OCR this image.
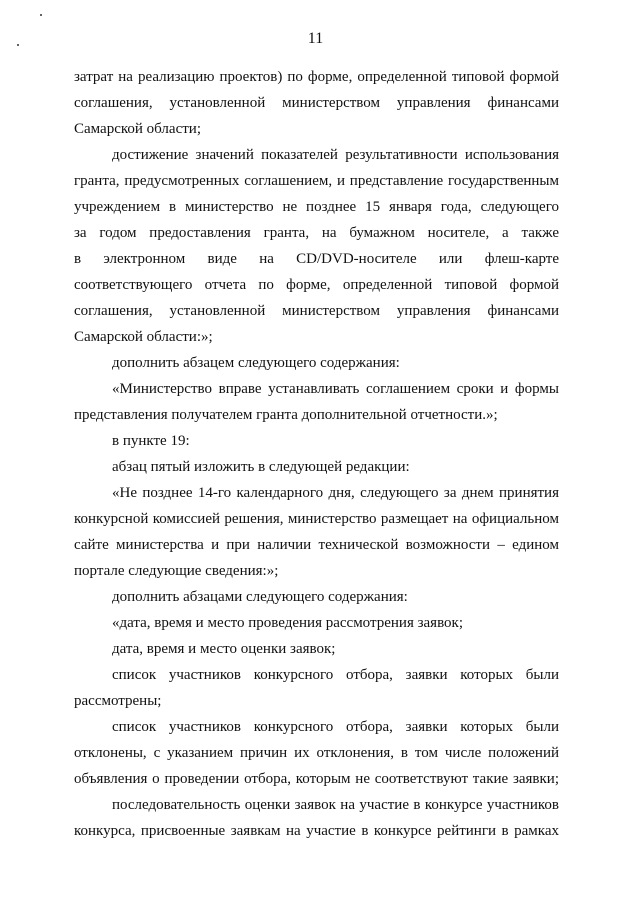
11
затрат на реализацию проектов) по форме, определенной типовой формой
соглашения, установленной министерством управления финансами
Самарской области;
достижение значений показателей результативности использования
гранта, предусмотренных соглашением, и представление государственным
учреждением в министерство не позднее 15 января года, следующего
за годом предоставления гранта, на бумажном носителе, а также
в электронном виде на CD/DVD-носителе или флеш-карте
соответствующего отчета по форме, определенной типовой формой
соглашения, установленной министерством управления финансами
Самарской области:»;
дополнить абзацем следующего содержания:
«Министерство вправе устанавливать соглашением сроки и формы
представления получателем гранта дополнительной отчетности.»;
в пункте 19:
абзац пятый изложить в следующей редакции:
«Не позднее 14-го календарного дня, следующего за днем принятия
конкурсной комиссией решения, министерство размещает на официальном
сайте министерства и при наличии технической возможности – едином
портале следующие сведения:»;
дополнить абзацами следующего содержания:
«дата, время и место проведения рассмотрения заявок;
дата, время и место оценки заявок;
список участников конкурсного отбора, заявки которых были
рассмотрены;
список участников конкурсного отбора, заявки которых были
отклонены, с указанием причин их отклонения, в том числе положений
объявления о проведении отбора, которым не соответствуют такие заявки;
последовательность оценки заявок на участие в конкурсе участников
конкурса, присвоенные заявкам на участие в конкурсе рейтинги в рамках
